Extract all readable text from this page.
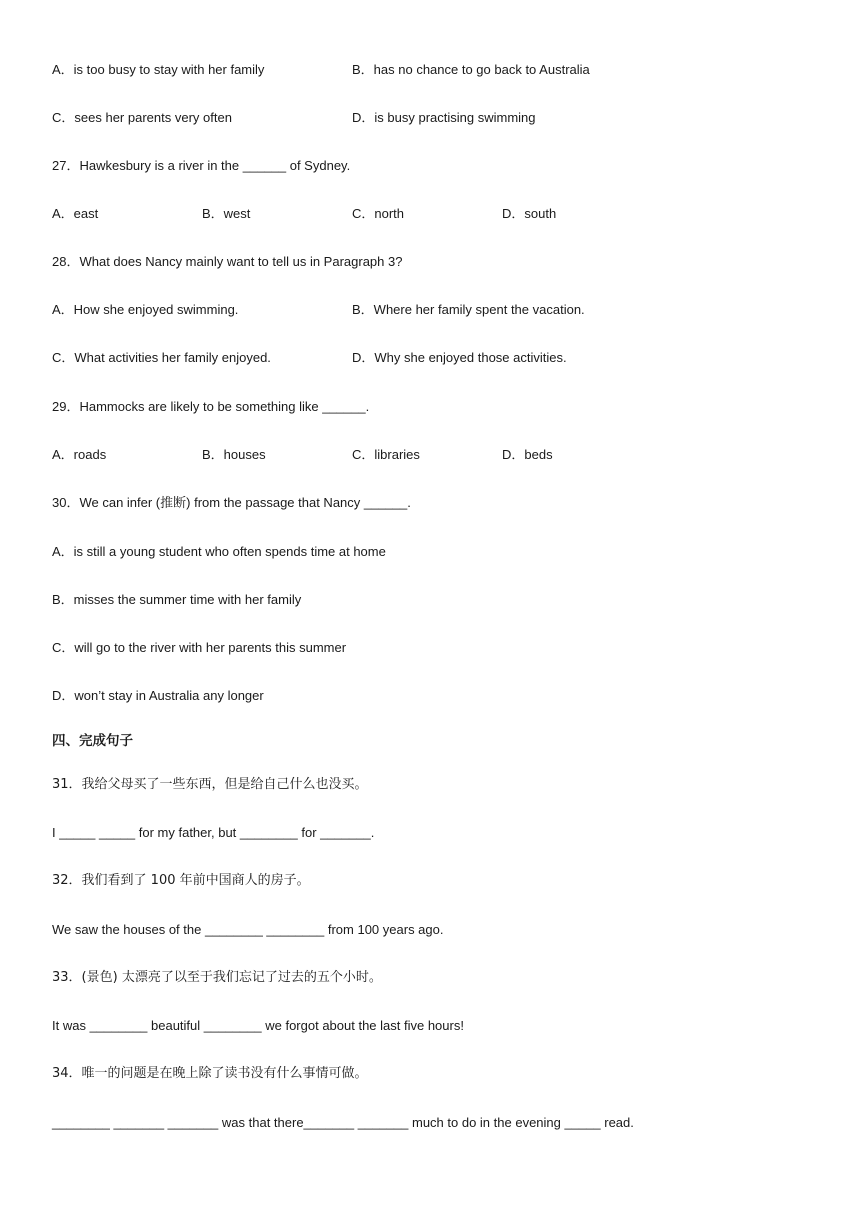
A．is too busy to stay with her family	B．has no chance to go back to Australia
C．sees her parents very often	D．is busy practising swimming
27．Hawkesbury is a river in the ______ of Sydney.
A．east	B．west	C．north	D．south
28．What does Nancy mainly want to tell us in Paragraph 3?
A．How she enjoyed swimming.	B．Where her family spent the vacation.
C．What activities her family enjoyed.	D．Why she enjoyed those activities.
29．Hammocks are likely to be something like ______.
A．roads	B．houses	C．libraries	D．beds
30．We can infer (推断) from the passage that Nancy ______.
A．is still a young student who often spends time at home
B．misses the summer time with her family
C．will go to the river with her parents this summer
D．won’t stay in Australia any longer
四、完成句子
31．我给父母买了一些东西，但是给自己什么也没买。
I _____ _____ for my father, but ________ for _______.
32．我们看到了 100 年前中国商人的房子。
We saw the houses of the ________ ________ from 100 years ago.
33．(景色) 太漂亮了以至于我们忘记了过去的五个小时。
It was ________ beautiful ________ we forgot about the last five hours!
34．唯一的问题是在晚上除了读书没有什么事情可做。
________ _______ _______ was that there_______ _______ much to do in the evening _____ read.
